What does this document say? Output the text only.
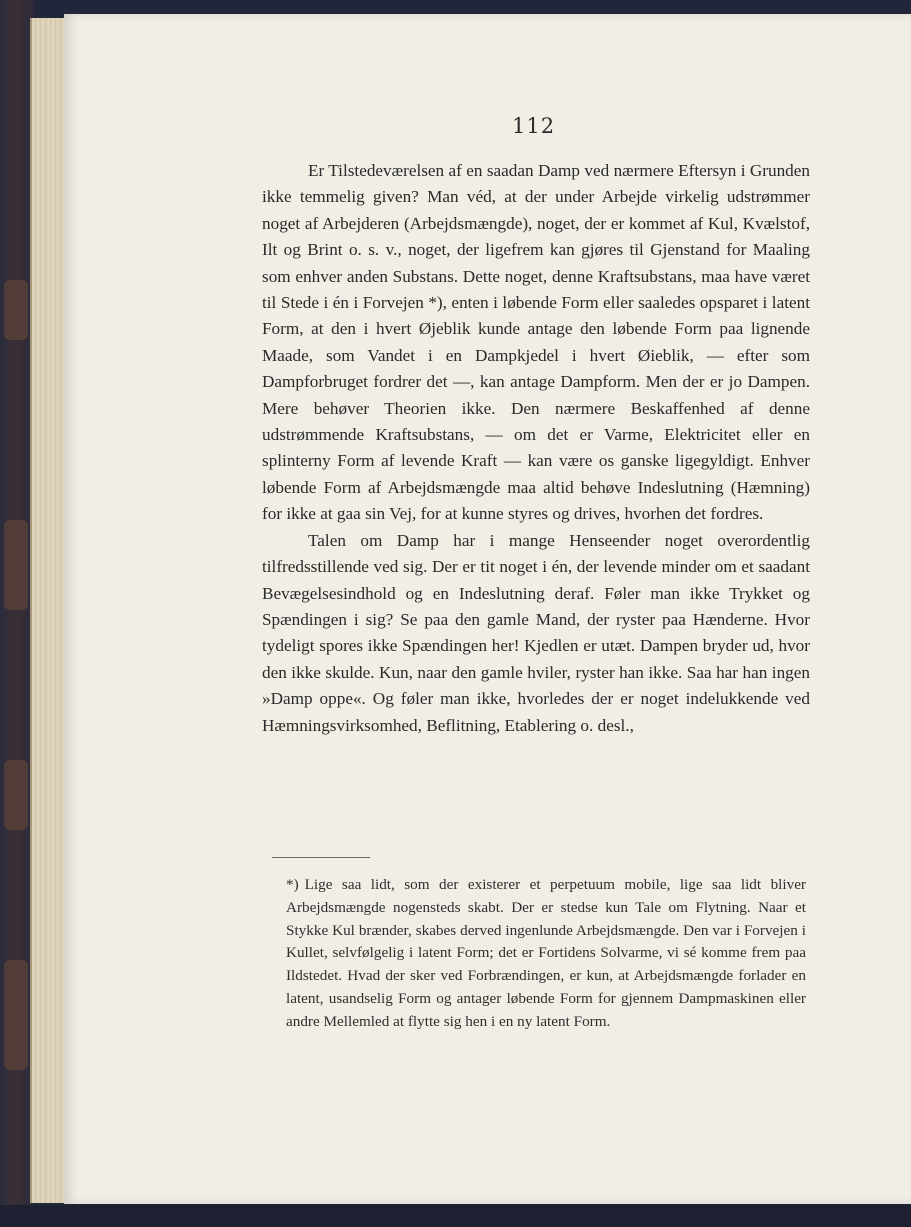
112

Er Tilstedeværelsen af en saadan Damp ved nærmere Eftersyn i Grunden ikke temmelig given? Man véd, at der under Arbejde virkelig udstrømmer noget af Arbejderen (Arbejdsmængde), noget, der er kommet af Kul, Kvælstof, Ilt og Brint o. s. v., noget, der ligefrem kan gjøres til Gjenstand for Maaling som enhver anden Substans. Dette noget, denne Kraftsubstans, maa have været til Stede i én i Forvejen *), enten i løbende Form eller saaledes opsparet i latent Form, at den i hvert Øjeblik kunde antage den løbende Form paa lignende Maade, som Vandet i en Dampkjedel i hvert Øieblik, — efter som Dampforbruget fordrer det —, kan antage Dampform. Men der er jo Dampen. Mere behøver Theorien ikke. Den nærmere Beskaffenhed af denne udstrømmende Kraftsubstans, — om det er Varme, Elektricitet eller en splinterny Form af levende Kraft — kan være os ganske ligegyldigt. Enhver løbende Form af Arbejdsmængde maa altid behøve Indeslutning (Hæmning) for ikke at gaa sin Vej, for at kunne styres og drives, hvorhen det fordres.

Talen om Damp har i mange Henseender noget overordentlig tilfredsstillende ved sig. Der er tit noget i én, der levende minder om et saadant Bevægelsesindhold og en Indeslutning deraf. Føler man ikke Trykket og Spændingen i sig? Se paa den gamle Mand, der ryster paa Hænderne. Hvor tydeligt spores ikke Spændingen her! Kjedlen er utæt. Dampen bryder ud, hvor den ikke skulde. Kun, naar den gamle hviler, ryster han ikke. Saa har han ingen »Damp oppe«. Og føler man ikke, hvorledes der er noget indelukkende ved Hæmningsvirksomhed, Beflitning, Etablering o. desl.,

*) Lige saa lidt, som der existerer et perpetuum mobile, lige saa lidt bliver Arbejdsmængde nogensteds skabt. Der er stedse kun Tale om Flytning. Naar et Stykke Kul brænder, skabes derved ingenlunde Arbejdsmængde. Den var i Forvejen i Kullet, selvfølgelig i latent Form; det er Fortidens Solvarme, vi sé komme frem paa Ildstedet. Hvad der sker ved Forbrændingen, er kun, at Arbejdsmængde forlader en latent, usandselig Form og antager løbende Form for gjennem Dampmaskinen eller andre Mellemled at flytte sig hen i en ny latent Form.
